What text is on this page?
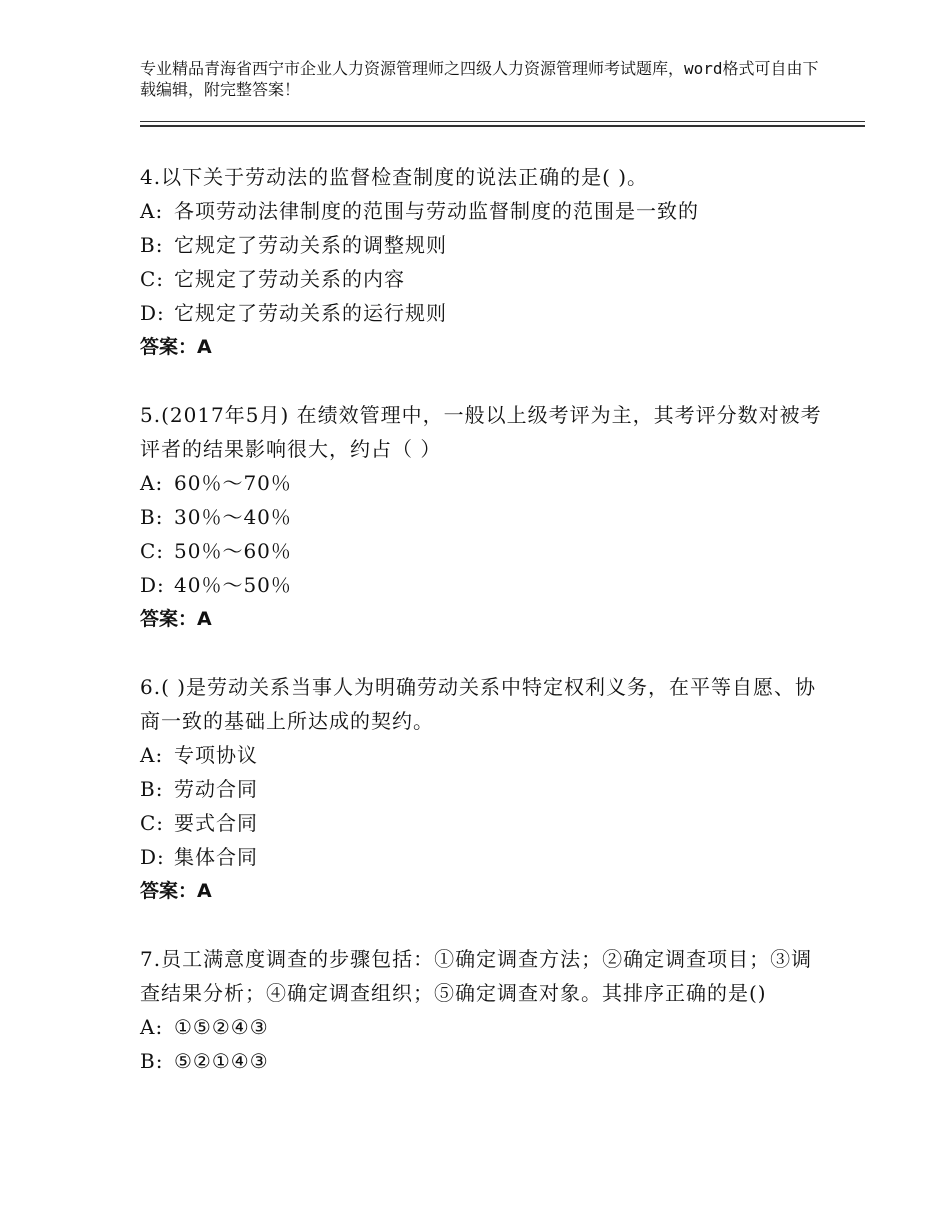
专业精品青海省西宁市企业人力资源管理师之四级人力资源管理师考试题库，word格式可自由下载编辑，附完整答案！

4.以下关于劳动法的监督检查制度的说法正确的是( )。

A: 各项劳动法律制度的范围与劳动监督制度的范围是一致的

B: 它规定了劳动关系的调整规则

C: 它规定了劳动关系的内容

D: 它规定了劳动关系的运行规则

答案：A

5.(2017年5月) 在绩效管理中，一般以上级考评为主，其考评分数对被考评者的结果影响很大，约占（ ）

A: 60％～70％

B: 30％～40％

C: 50％～60％

D: 40％～50％

答案：A

6.( )是劳动关系当事人为明确劳动关系中特定权利义务，在平等自愿、协商一致的基础上所达成的契约。

A: 专项协议

B: 劳动合同

C: 要式合同

D: 集体合同

答案：A

7.员工满意度调查的步骤包括：①确定调查方法；②确定调查项目；③调查结果分析；④确定调查组织；⑤确定调查对象。其排序正确的是()

A: ①⑤②④③

B: ⑤②①④③
